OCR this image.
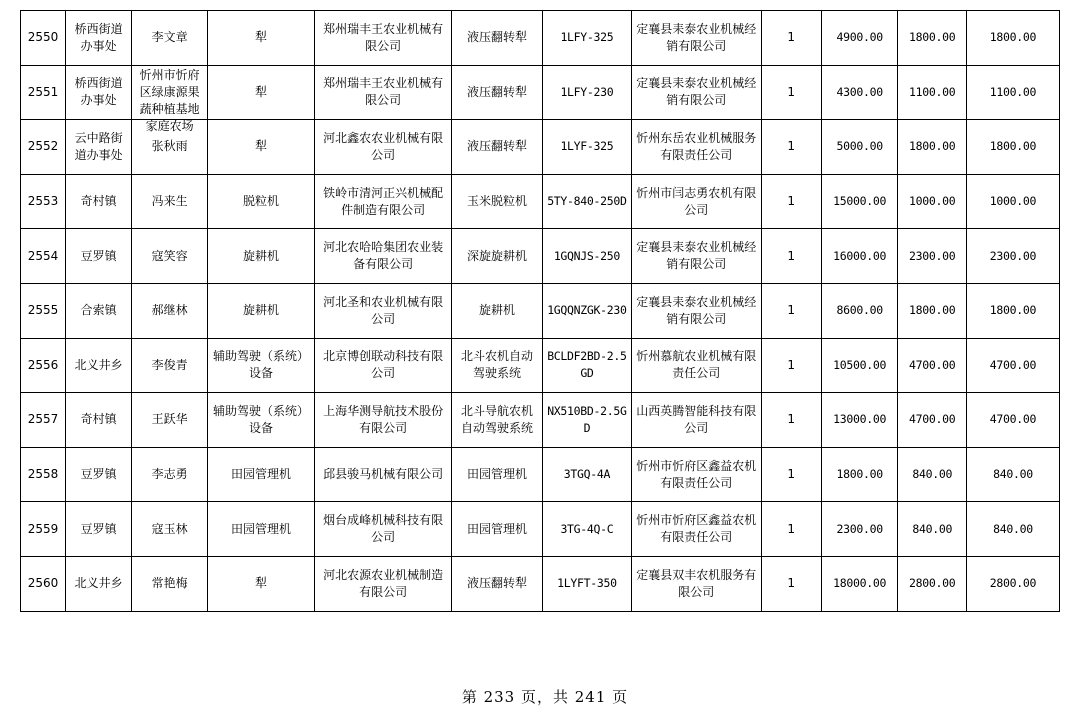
2550	桥西街道办事处	李文章	犁	郑州瑞丰王农业机械有限公司	液压翻转犁	1LFY-325	定襄县耒泰农业机械经销有限公司	1	4900.00	1800.00	1800.00

2551	桥西街道办事处	忻州市忻府区绿康源果蔬种植基地家庭农场	犁	郑州瑞丰王农业机械有限公司	液压翻转犁	1LFY-230	定襄县耒泰农业机械经销有限公司	1	4300.00	1100.00	1100.00

2552	云中路街道办事处	张秋雨	犁	河北鑫农农业机械有限公司	液压翻转犁	1LYF-325	忻州东岳农业机械服务有限责任公司	1	5000.00	1800.00	1800.00

2553	奇村镇	冯来生	脱粒机	铁岭市清河正兴机械配件制造有限公司	玉米脱粒机	5TY-840-250D	忻州市闫志勇农机有限公司	1	15000.00	1000.00	1000.00

2554	豆罗镇	寇笑容	旋耕机	河北农哈哈集团农业装备有限公司	深旋旋耕机	1GQNJS-250	定襄县耒泰农业机械经销有限公司	1	16000.00	2300.00	2300.00

2555	合索镇	郝继林	旋耕机	河北圣和农业机械有限公司	旋耕机	1GQQNZGK-230	定襄县耒泰农业机械经销有限公司	1	8600.00	1800.00	1800.00

2556	北义井乡	李俊青	辅助驾驶（系统）设备	北京博创联动科技有限公司	北斗农机自动驾驶系统	BCLDF2BD-2.5GD	忻州慕航农业机械有限责任公司	1	10500.00	4700.00	4700.00

2557	奇村镇	王跃华	辅助驾驶（系统）设备	上海华测导航技术股份有限公司	北斗导航农机自动驾驶系统	NX510BD-2.5GD	山西英腾智能科技有限公司	1	13000.00	4700.00	4700.00

2558	豆罗镇	李志勇	田园管理机	邱县骏马机械有限公司	田园管理机	3TGQ-4A	忻州市忻府区鑫益农机有限责任公司	1	1800.00	840.00	840.00

2559	豆罗镇	寇玉林	田园管理机	烟台成峰机械科技有限公司	田园管理机	3TG-4Q-C	忻州市忻府区鑫益农机有限责任公司	1	2300.00	840.00	840.00

2560	北义井乡	常艳梅	犁	河北农源农业机械制造有限公司	液压翻转犁	1LYFT-350	定襄县双丰农机服务有限公司	1	18000.00	2800.00	2800.00
第 233 页，共 241 页
